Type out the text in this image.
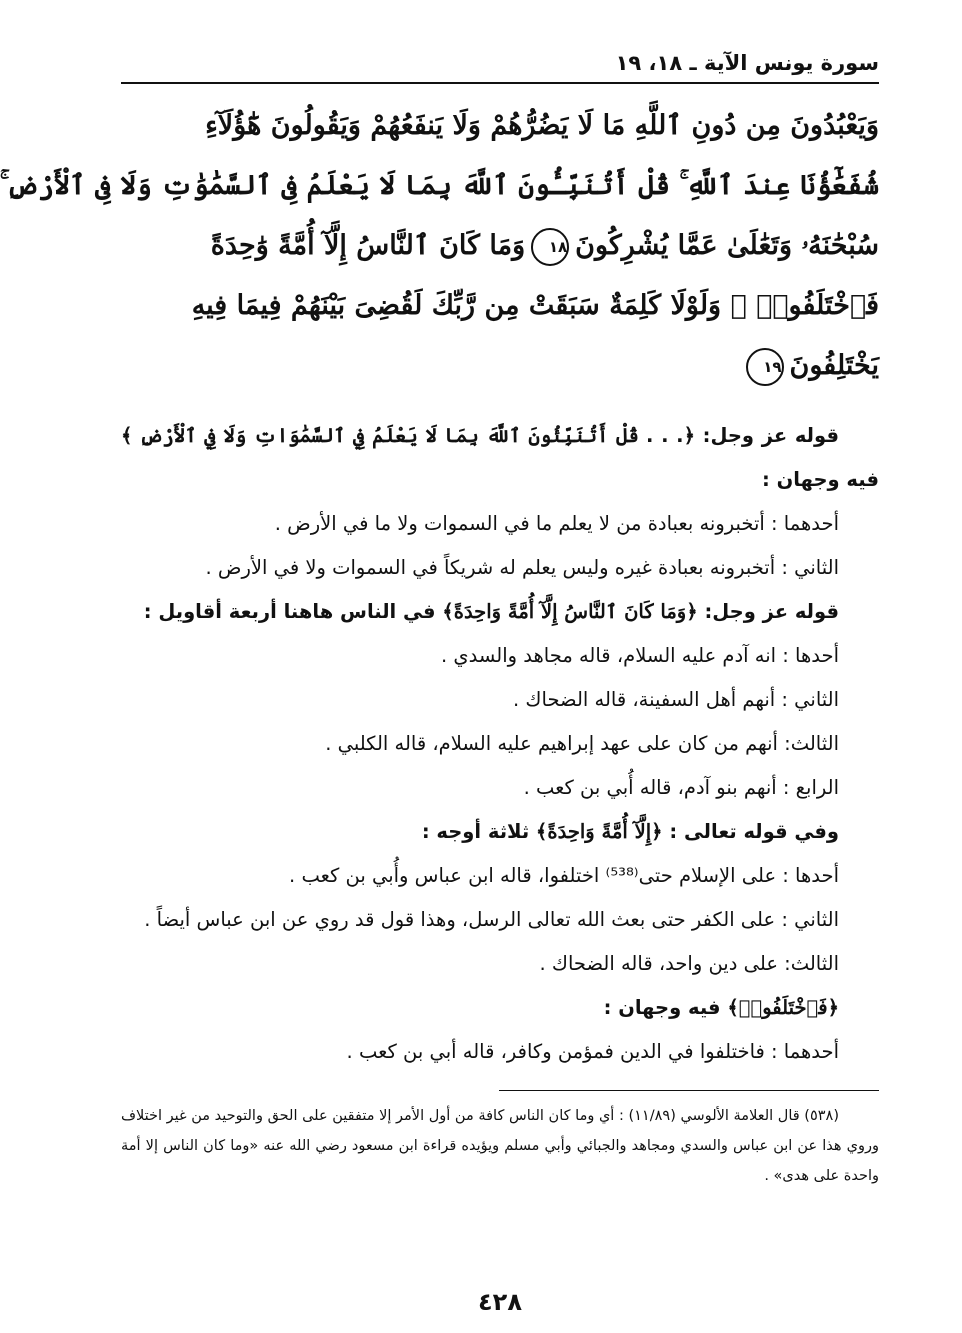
سورة يونس الآية ـ ١٨، ١٩
وَيَعْبُدُونَ مِن دُونِ ٱللَّهِ مَا لَا يَضُرُّهُمْ وَلَا يَنفَعُهُمْ وَيَقُولُونَ هَٰٓؤُلَآءِ
شُفَعَٰٓؤُنَا عِندَ ٱللَّهِ ۚ قُلْ أَتُنَبِّـُٔونَ ٱللَّهَ بِمَا لَا يَعْلَمُ فِى ٱلسَّمَٰوَٰتِ وَلَا فِى ٱلْأَرْضِ ۚ
سُبْحَٰنَهُۥ وَتَعَٰلَىٰ عَمَّا يُشْرِكُونَ١٨وَمَا كَانَ ٱلنَّاسُ إِلَّآ أُمَّةً وَٰحِدَةً
فَٱخْتَلَفُوا۟ ۚ وَلَوْلَا كَلِمَةٌ سَبَقَتْ مِن رَّبِّكَ لَقُضِىَ بَيْنَهُمْ فِيمَا فِيهِ
يَخْتَلِفُونَ١٩

قوله عز وجل: ﴿. . . قُلْ أَتُنَبِّئُونَ ٱللَّهَ بِمَا لَا يَعْلَمُ فِي ٱلسَّمَٰوَاتِ وَلَا فِي ٱلْأَرْضِ ﴾ فيه وجهان :

أحدهما : أتخبرونه بعبادة من لا يعلم ما في السموات ولا ما في الأرض .

الثاني : أتخبرونه بعبادة غيره وليس يعلم له شريكاً في السموات ولا في الأرض .

قوله عز وجل: ﴿وَمَا كَانَ ٱلنَّاسُ إِلَّآ أُمَّةً وَاحِدَةً﴾ في الناس هاهنا أربعة أقاويل :

أحدها : انه آدم عليه السلام، قاله مجاهد والسدي .

الثاني : أنهم أهل السفينة، قاله الضحاك .

الثالث: أنهم من كان على عهد إبراهيم عليه السلام، قاله الكلبي .

الرابع : أنهم بنو آدم، قاله أُبي بن كعب .

وفي قوله تعالى : ﴿إِلَّآ أُمَّةً وَاحِدَةً﴾ ثلاثة أوجه :

أحدها : على الإسلام حتى⁽⁵³⁸⁾ اختلفوا، قاله ابن عباس وأُبي بن كعب .

الثاني : على الكفر حتى بعث الله تعالى الرسل، وهذا قول قد روي عن ابن عباس أيضاً .

الثالث: على دين واحد، قاله الضحاك .

﴿فَٱخْتَلَفُوا۟﴾ فيه وجهان :

أحدهما : فاختلفوا في الدين فمؤمن وكافر، قاله أبي بن كعب .

(٥٣٨) قال العلامة الألوسي (١١/٨٩) : أي وما كان الناس كافة من أول الأمر إلا متفقين على الحق والتوحيد من غير اختلاف وروي هذا عن ابن عباس والسدي ومجاهد والجبائي وأبي مسلم ويؤيده قراءة ابن مسعود رضي الله عنه «وما كان الناس إلا أمة واحدة على هدى» .

٤٢٨
